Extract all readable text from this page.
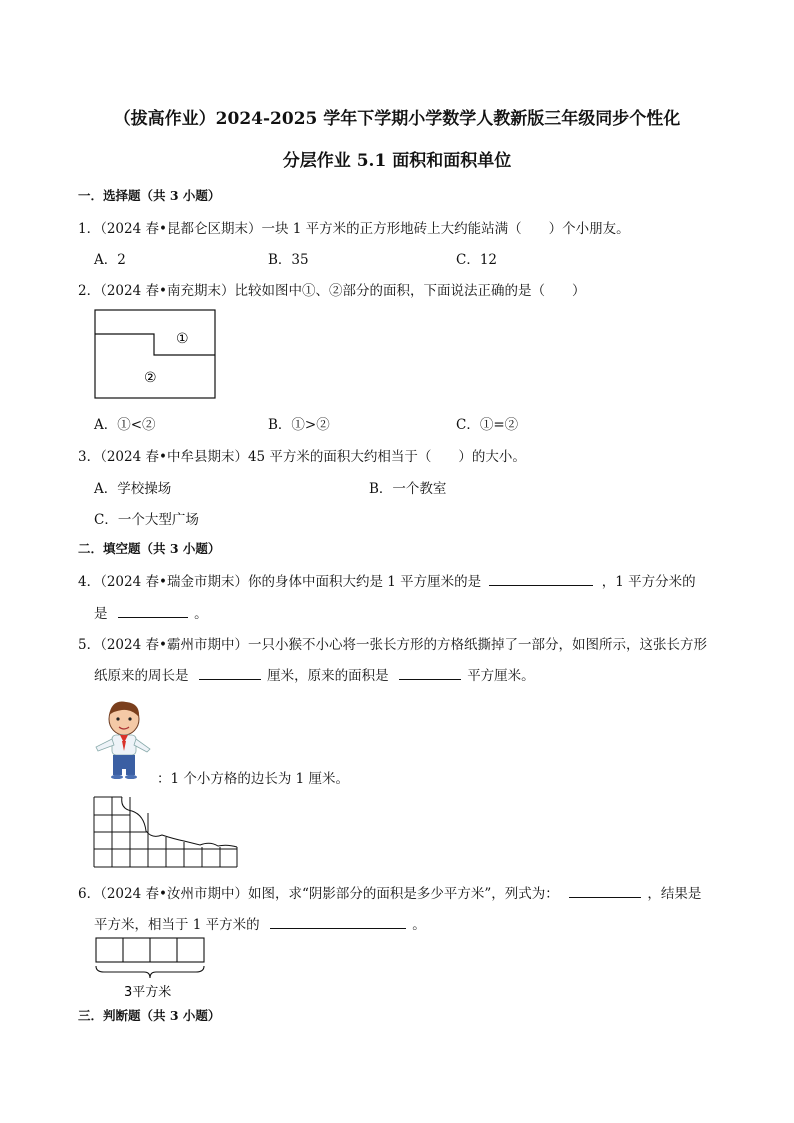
（拔高作业）2024-2025 学年下学期小学数学人教新版三年级同步个性化
分层作业 5.1 面积和面积单位
一．选择题（共 3 小题）
1．（2024 春•昆都仑区期末）一块 1 平方米的正方形地砖上大约能站满（　　）个小朋友。
A．2	B．35	C．12
2．（2024 春•南充期末）比较如图中①、②部分的面积，下面说法正确的是（　　）
①
②
A．①<②	B．①>②	C．①=②
3．（2024 春•中牟县期末）45 平方米的面积大约相当于（　　）的大小。
A．学校操场	B．一个教室
C．一个大型广场
二．填空题（共 3 小题）
4．（2024 春•瑞金市期末）你的身体中面积大约是 1 平方厘米的是	，1 平方分米的
是	。
5．（2024 春•霸州市期中）一只小猴不小心将一张长方形的方格纸撕掉了一部分，如图所示，这张长方形
纸原来的周长是	厘米，原来的面积是	平方厘米。
：1 个小方格的边长为 1 厘米。
6．（2024 春•汝州市期中）如图，求“阴影部分的面积是多少平方米”，列式为：	，结果是
平方米，相当于 1 平方米的	。
3平方米
三．判断题（共 3 小题）
